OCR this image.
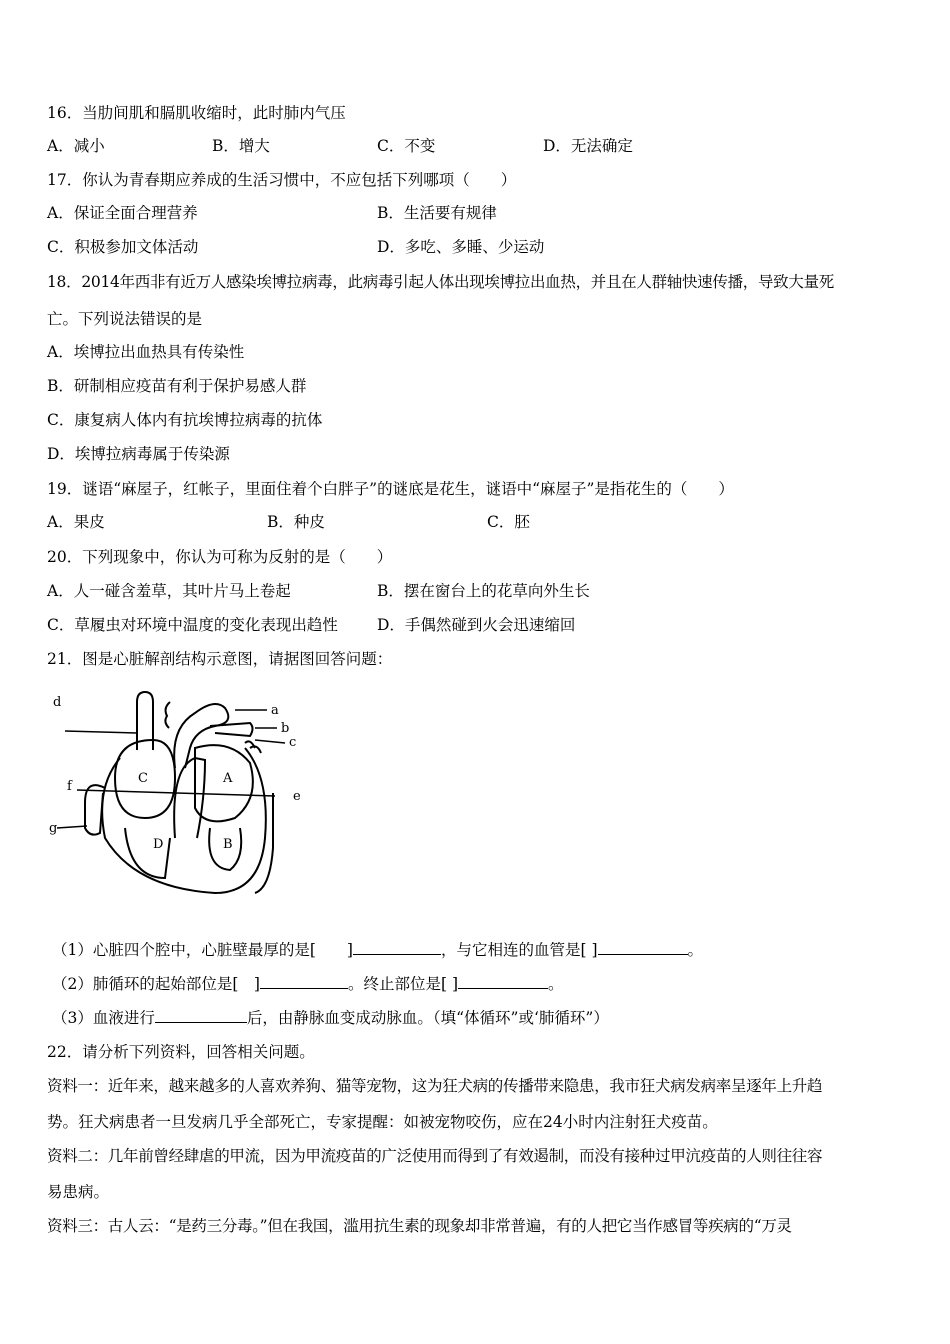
16．当肋间肌和膈肌收缩时，此时肺内气压
A．减小	B．增大	C．不变	D．无法确定
17．你认为青春期应养成的生活习惯中，不应包括下列哪项（　　）
A．保证全面合理营养	B．生活要有规律
C．积极参加文体活动	D．多吃、多睡、少运动
18．2014年西非有近万人感染埃博拉病毒，此病毒引起人体出现埃博拉出血热，并且在人群轴快速传播，导致大量死
亡。下列说法错误的是
A．埃博拉出血热具有传染性
B．研制相应疫苗有利于保护易感人群
C．康复病人体内有抗埃博拉病毒的抗体
D．埃博拉病毒属于传染源
19．谜语“麻屋子，红帐子，里面住着个白胖子”的谜底是花生，谜语中“麻屋子”是指花生的（　　）
A．果皮	B．种皮	C．胚
20．下列现象中，你认为可称为反射的是（　　）
A．人一碰含羞草，其叶片马上卷起	B．摆在窗台上的花草向外生长
C．草履虫对环境中温度的变化表现出趋性	D．手偶然碰到火会迅速缩回
21．图是心脏解剖结构示意图，请据图回答问题：
d
a
b
c
f
e
g
A
B
C
D
（1）心脏四个腔中，心脏壁最厚的是[　　]	，与它相连的血管是[ ]	。
（2）肺循环的起始部位是[　]	。终止部位是[ ]	。
（3）血液进行	后，由静脉血变成动脉血。（填“体循环”或‘肺循环”）
22．请分析下列资料，回答相关问题。
资料一：近年来，越来越多的人喜欢养狗、猫等宠物，这为狂犬病的传播带来隐患，我市狂犬病发病率呈逐年上升趋
势。狂犬病患者一旦发病几乎全部死亡，专家提醒：如被宠物咬伤，应在24小时内注射狂犬疫苗。
资料二：几年前曾经肆虐的甲流，因为甲流疫苗的广泛使用而得到了有效遏制，而没有接种过甲沆疫苗的人则往往容
易患病。
资料三：古人云：“是药三分毒。”但在我国，滥用抗生素的现象却非常普遍，有的人把它当作感冒等疾病的“万灵
